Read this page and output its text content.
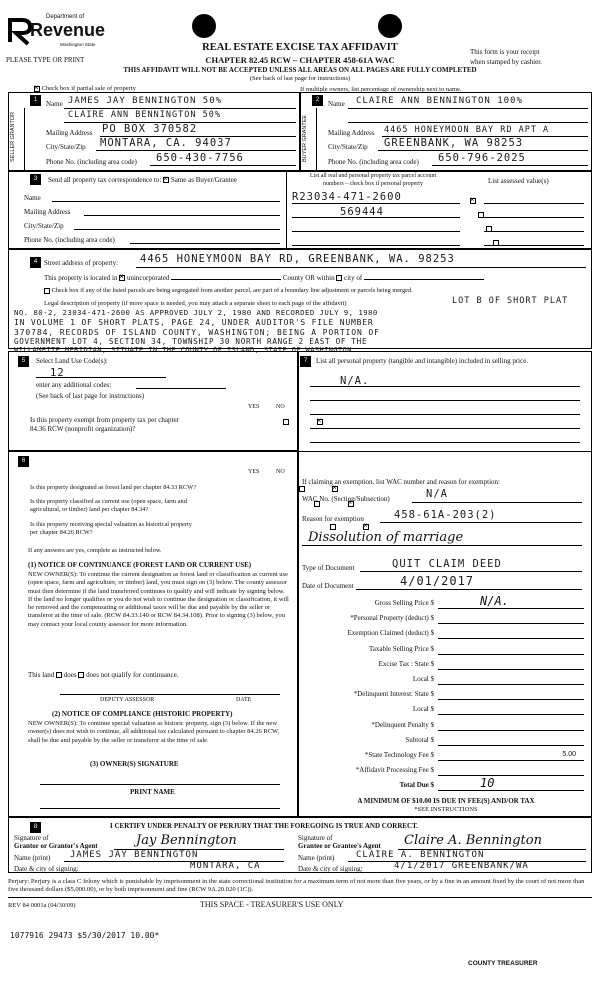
Department of
Revenue
Washington State
PLEASE TYPE OR PRINT
REAL ESTATE EXCISE TAX AFFIDAVIT
CHAPTER 82.45 RCW – CHAPTER 458-61A WAC
THIS AFFIDAVIT WILL NOT BE ACCEPTED UNLESS ALL AREAS ON ALL PAGES ARE FULLY COMPLETED
(See back of last page for instructions)
This form is your receipt
when stamped by cashier.
× Check box if partial sale of property	If multiple owners, list percentage of ownership next to name.
1	2
SELLER GRANTOR	BUYER GRANTEE
Name JAMES JAY BENNINGTON 50%
CLAIRE ANN BENNINGTON 50%
Mailing Address PO BOX 370582
City/State/Zip MONTARA, CA. 94037
Phone No. (including area code) 650-430-7756
Name CLAIRE ANN BENNINGTON 100%
Mailing Address 4465 HONEYMOON BAY RD APT A
City/State/Zip GREENBANK, WA 98253
Phone No. (including area code) 650-796-2025
3	Send all property tax correspondence to: × Same as Buyer/Grantee
Name
Mailing Address
City/State/Zip
Phone No. (including area code)
List all real and personal property tax parcel account
numbers – check box if personal property	List assessed value(s)
R23034-471-2600
×
569444

4 Street address of property: 4465 HONEYMOON BAY RD, GREENBANK, WA. 98253
This property is located in × unincorporated	County OR within city of
Check box if any of the listed parcels are being segregated from another parcel, are part of a boundary line adjustment or parcels being merged.
Legal description of property (if more space is needed, you may attach a separate sheet to each page of the affidavit)	LOT B OF SHORT PLAT
NO. 80-2, 23034-471-2600 AS APPROVED JULY 2, 1980 AND RECORDED JULY 9, 1980
IN VOLUME 1 OF SHORT PLATS, PAGE 24, UNDER AUDITOR'S FILE NUMBER
370784, RECORDS OF ISLAND COUNTY, WASHINGTON; BEING A PORTION OF
GOVERNMENT LOT 4, SECTION 34, TOWNSHIP 30 NORTH RANGE 2 EAST OF THE
WILLAMETTE MERIDIAN, SITUATE IN THE COUNTY OF ISLAND, STATE OF WASHINGTON
5	Select Land Use Code(s):
12
enter any additional codes:
(See back of last page for instructions)
YES	NO
Is this property exempt from property tax per chapter
84.36 RCW (nonprofit organization)?
×
6
YES	NO
Is this property designated as forest land per chapter 84.33 RCW?
×
Is this property classified as current use (open space, farm and
agricultural, or timber) land per chapter 84.34?
×
Is this property receiving special valuation as historical property
per chapter 84.26 RCW?
×
If any answers are yes, complete as instructed below.
(1) NOTICE OF CONTINUANCE (FOREST LAND OR CURRENT USE)
NEW OWNER(S): To continue the current designation as forest land or classification as current use (open space, farm and agriculture, or timber) land, you must sign on (3) below. The county assessor must then determine if the land transferred continues to qualify and will indicate by signing below. If the land no longer qualifies or you do not wish to continue the designation or classification, it will be removed and the compensating or additional taxes will be due and payable by the seller or transferor at the time of sale. (RCW 84.33.140 or RCW 84.34.108). Prior to signing (3) below, you may contact your local county assessor for more information.
This land does does not qualify for continuance.
DEPUTY ASSESSOR	DATE
(2) NOTICE OF COMPLIANCE (HISTORIC PROPERTY)
NEW OWNER(S): To continue special valuation as historic property, sign (3) below. If the new owner(s) does not wish to continue, all additional tax calculated pursuant to chapter 84.26 RCW, shall be due and payable by the seller or transferor at the time of sale.
(3) OWNER(S) SIGNATURE
PRINT NAME
7	List all personal property (tangible and intangible) included in selling price.
N/A.
If claiming an exemption, list WAC number and reason for exemption:
WAC No. (Section/Subsection)	N/A
Reason for exemption	458-61A-203(2)
Dissolution of marriage
Type of Document	QUIT CLAIM DEED
Date of Document	4/01/2017
Gross Selling Price $	N/A.
*Personal Property (deduct) $
Exemption Claimed (deduct) $
Taxable Selling Price $
Excise Tax : State $
Local $
*Delinquent Interest: State $
Local $
*Delinquent Penalty $
Subtotal $
*State Technology Fee $	5.00
*Affidavit Processing Fee $
Total Due $	10
A MINIMUM OF $10.00 IS DUE IN FEE(S) AND/OR TAX
*SEE INSTRUCTIONS
8	I CERTIFY UNDER PENALTY OF PERJURY THAT THE FOREGOING IS TRUE AND CORRECT.
Signature of
Grantor or Grantor's Agent	Jay Bennington
Name (print) JAMES JAY BENNINGTON
Date & city of signing:	MONTARA, CA
Signature of
Grantee or Grantee's Agent Claire A. Bennington
Name (print) CLAIRE A. BENNINGTON
Date & city of signing:	4/1/2017 GREENBANK/WA
Perjury: Perjury is a class C felony which is punishable by imprisonment in the state correctional institution for a maximum term of not more than five years, or by a fine in an amount fixed by the court of not more than five thousand dollars ($5,000.00), or by both imprisonment and fine (RCW 9A.20.020 (1C)).
REV 84 0001a (04/30/09)	THIS SPACE - TREASURER'S USE ONLY
1077916 29473 $5/30/2017 10.00*
COUNTY TREASURER
